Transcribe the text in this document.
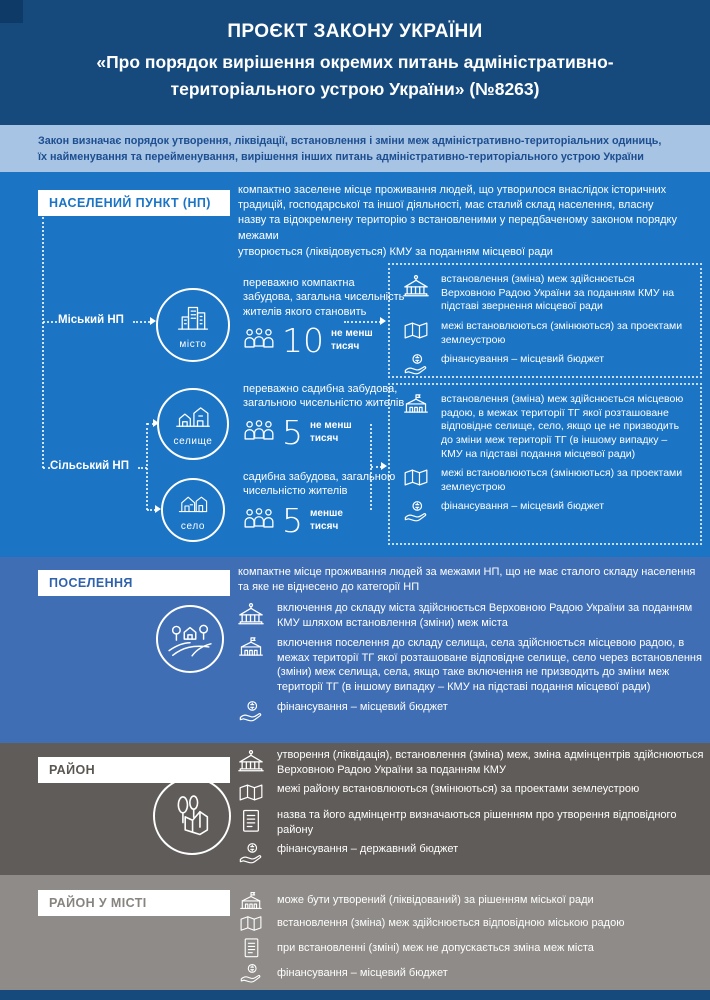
ПРОЄКТ ЗАКОНУ УКРАЇНИ
«Про порядок вирішення окремих питань адміністративно-територіального устрою України» (№8263)

Закон визначає порядок утворення, ліквідації, встановлення і зміни меж адміністративно-територіальних одиниць, їх найменування та перейменування, вирішення інших питань адміністративно-територіального устрою України

НАСЕЛЕНИЙ ПУНКТ (НП)

компактно заселене місце проживання людей, що утворилося внаслідок історичних традицій, господарської та іншої діяльності, має сталий склад населення, власну назву та відокремлену територію з встановленими у передбаченому законом порядку межами

утворюється (ліквідовується) КМУ за поданням місцевої ради

Міський НП
Сільський НП
місто
селище
село

переважно компактна забудова, загальна чисельність жителів якого становить

10 не менш
тисяч

переважно садибна забудова, загальною чисельністю жителів

5 не менш
тисяч

садибна забудова, загальною чисельністю жителів

5 менше
тисяч

встановлення (зміна) меж здійснюється Верховною Радою України за поданням КМУ на підставі звернення місцевої ради

межі встановлюються (змінюються) за проектами землеустрою

фінансування – місцевий бюджет

встановлення (зміна) меж здійснюється місцевою радою, в межах території ТГ якої розташоване відповідне селище, село, якщо це не призводить до зміни меж території ТГ (в іншому випадку – КМУ на підставі подання місцевої ради)

межі встановлюються (змінюються) за проектами землеустрою

фінансування – місцевий бюджет

ПОСЕЛЕННЯ

компактне місце проживання людей за межами НП, що не має сталого складу населення та яке не віднесено до категорії НП

включення до складу міста здійснюється Верховною Радою України за поданням КМУ шляхом встановлення (зміни) меж міста

включення поселення до складу селища, села здійснюється місцевою радою, в межах території ТГ якої розташоване відповідне селище, село через встановлення (зміни) меж селища, села, якщо таке включення не призводить до зміни меж території ТГ (в іншому випадку – КМУ на підставі подання місцевої ради)

фінансування – місцевий бюджет

РАЙОН

утворення (ліквідація), встановлення (зміна) меж, зміна адмінцентрів здійснюються Верховною Радою України за поданням КМУ

межі району встановлюються (змінюються) за проектами землеустрою

назва та його адмінцентр визначаються рішенням про утворення відповідного району

фінансування – державний бюджет

РАЙОН У МІСТІ	може бути утворений (ліквідований) за рішенням міської ради

встановлення (зміна) меж здійснюється відповідною міською радою

при встановленні (зміні) меж не допускається зміна меж міста

фінансування – місцевий бюджет
